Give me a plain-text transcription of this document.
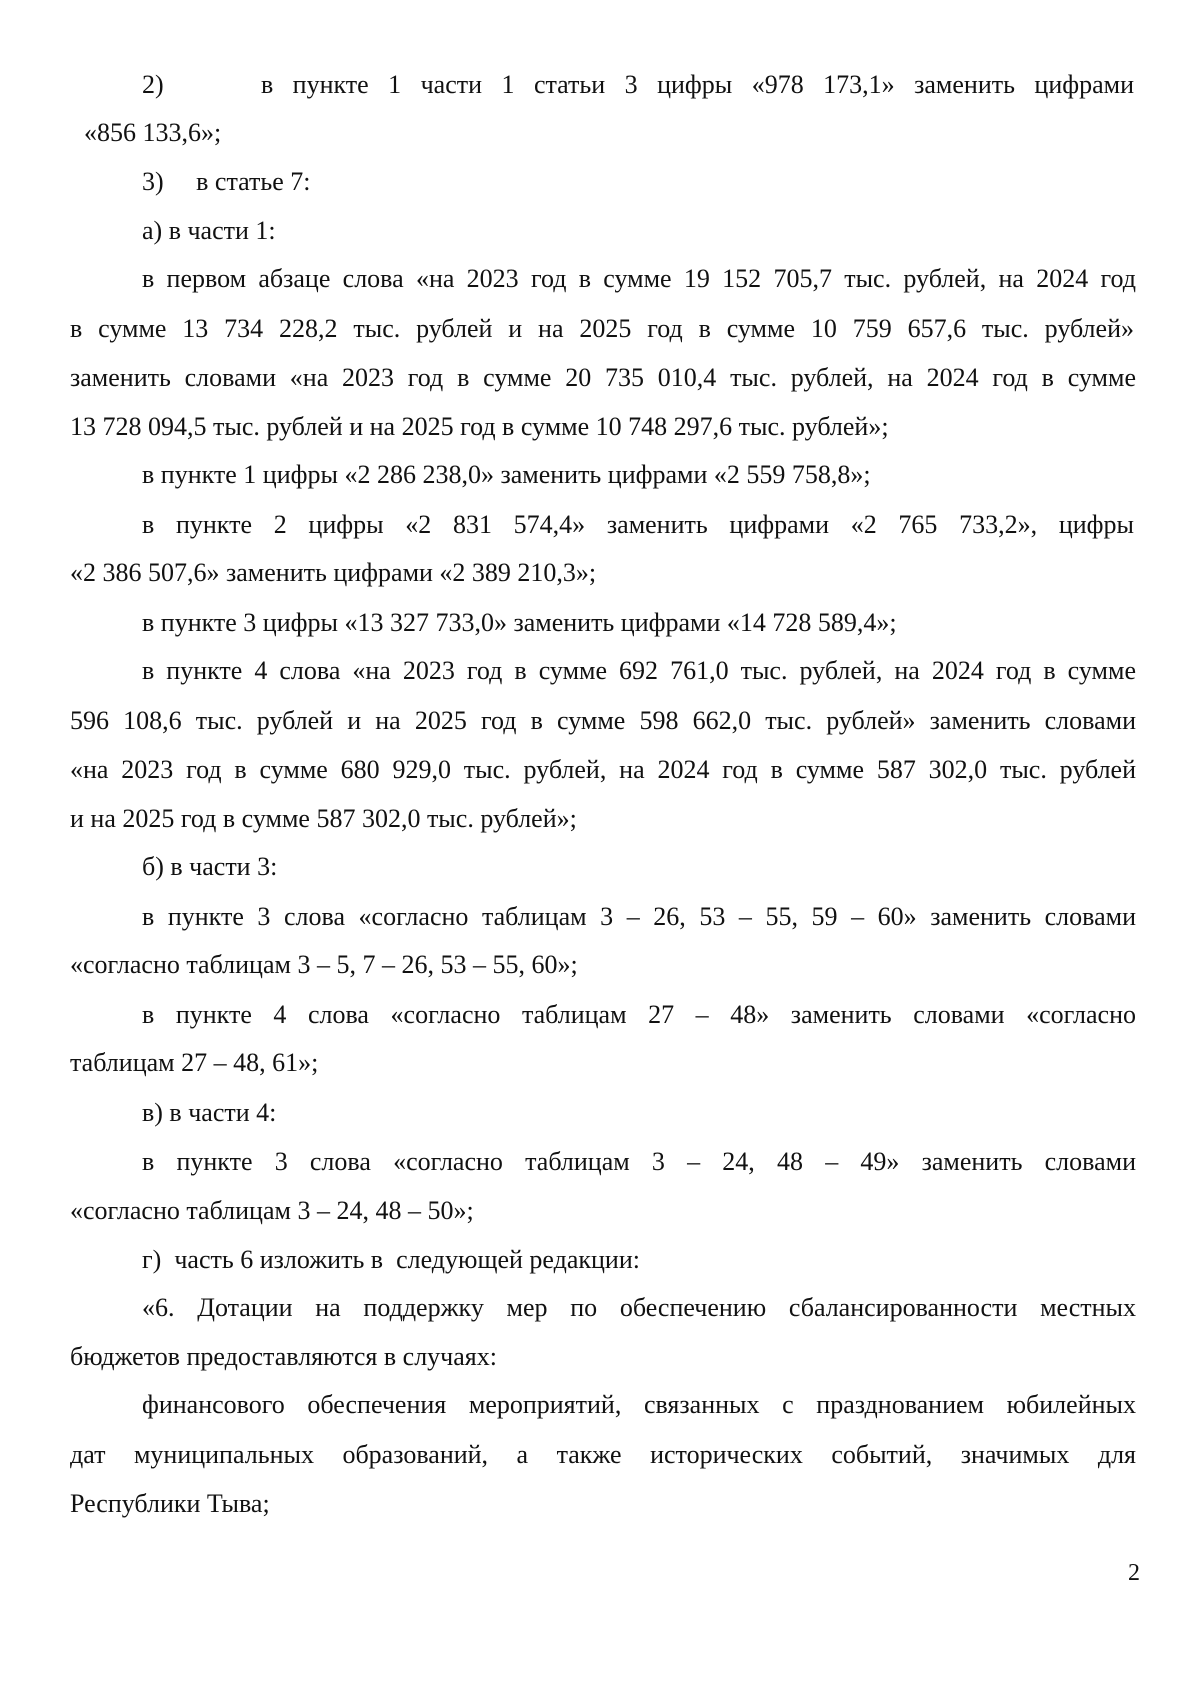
2)     в пункте 1 части 1 статьи 3 цифры «978 173,1» заменить цифрами
«856 133,6»;
3)     в статье 7:
а) в части 1:
в первом абзаце слова «на 2023 год в сумме 19 152 705,7 тыс. рублей, на 2024 год
в сумме 13 734 228,2 тыс. рублей и на 2025 год в сумме 10 759 657,6 тыс. рублей»
заменить словами «на 2023 год в сумме 20 735 010,4 тыс. рублей, на 2024 год в сумме
13 728 094,5 тыс. рублей и на 2025 год в сумме 10 748 297,6 тыс. рублей»;
в пункте 1 цифры «2 286 238,0» заменить цифрами «2 559 758,8»;
в пункте 2 цифры «2 831 574,4» заменить цифрами «2 765 733,2», цифры
«2 386 507,6» заменить цифрами «2 389 210,3»;
в пункте 3 цифры «13 327 733,0» заменить цифрами «14 728 589,4»;
в пункте 4 слова «на 2023 год в сумме 692 761,0 тыс. рублей, на 2024 год в сумме
596 108,6 тыс. рублей и на 2025 год в сумме 598 662,0 тыс. рублей» заменить словами
«на 2023 год в сумме 680 929,0 тыс. рублей, на 2024 год в сумме 587 302,0 тыс. рублей
и на 2025 год в сумме 587 302,0 тыс. рублей»;
б) в части 3:
в пункте 3 слова «согласно таблицам 3 – 26, 53 – 55, 59 – 60» заменить словами
«согласно таблицам 3 – 5, 7 – 26, 53 – 55, 60»;
в пункте 4 слова «согласно таблицам 27 – 48» заменить словами «согласно
таблицам 27 – 48, 61»;
в) в части 4:
в пункте 3 слова «согласно таблицам 3 – 24, 48 – 49» заменить словами
«согласно таблицам 3 – 24, 48 – 50»;
г)  часть 6 изложить в  следующей редакции:
«6. Дотации на поддержку мер по обеспечению сбалансированности местных
бюджетов предоставляются в случаях:
финансового обеспечения мероприятий, связанных с празднованием юбилейных
дат муниципальных образований, а также исторических событий, значимых для
Республики Тыва;
2
